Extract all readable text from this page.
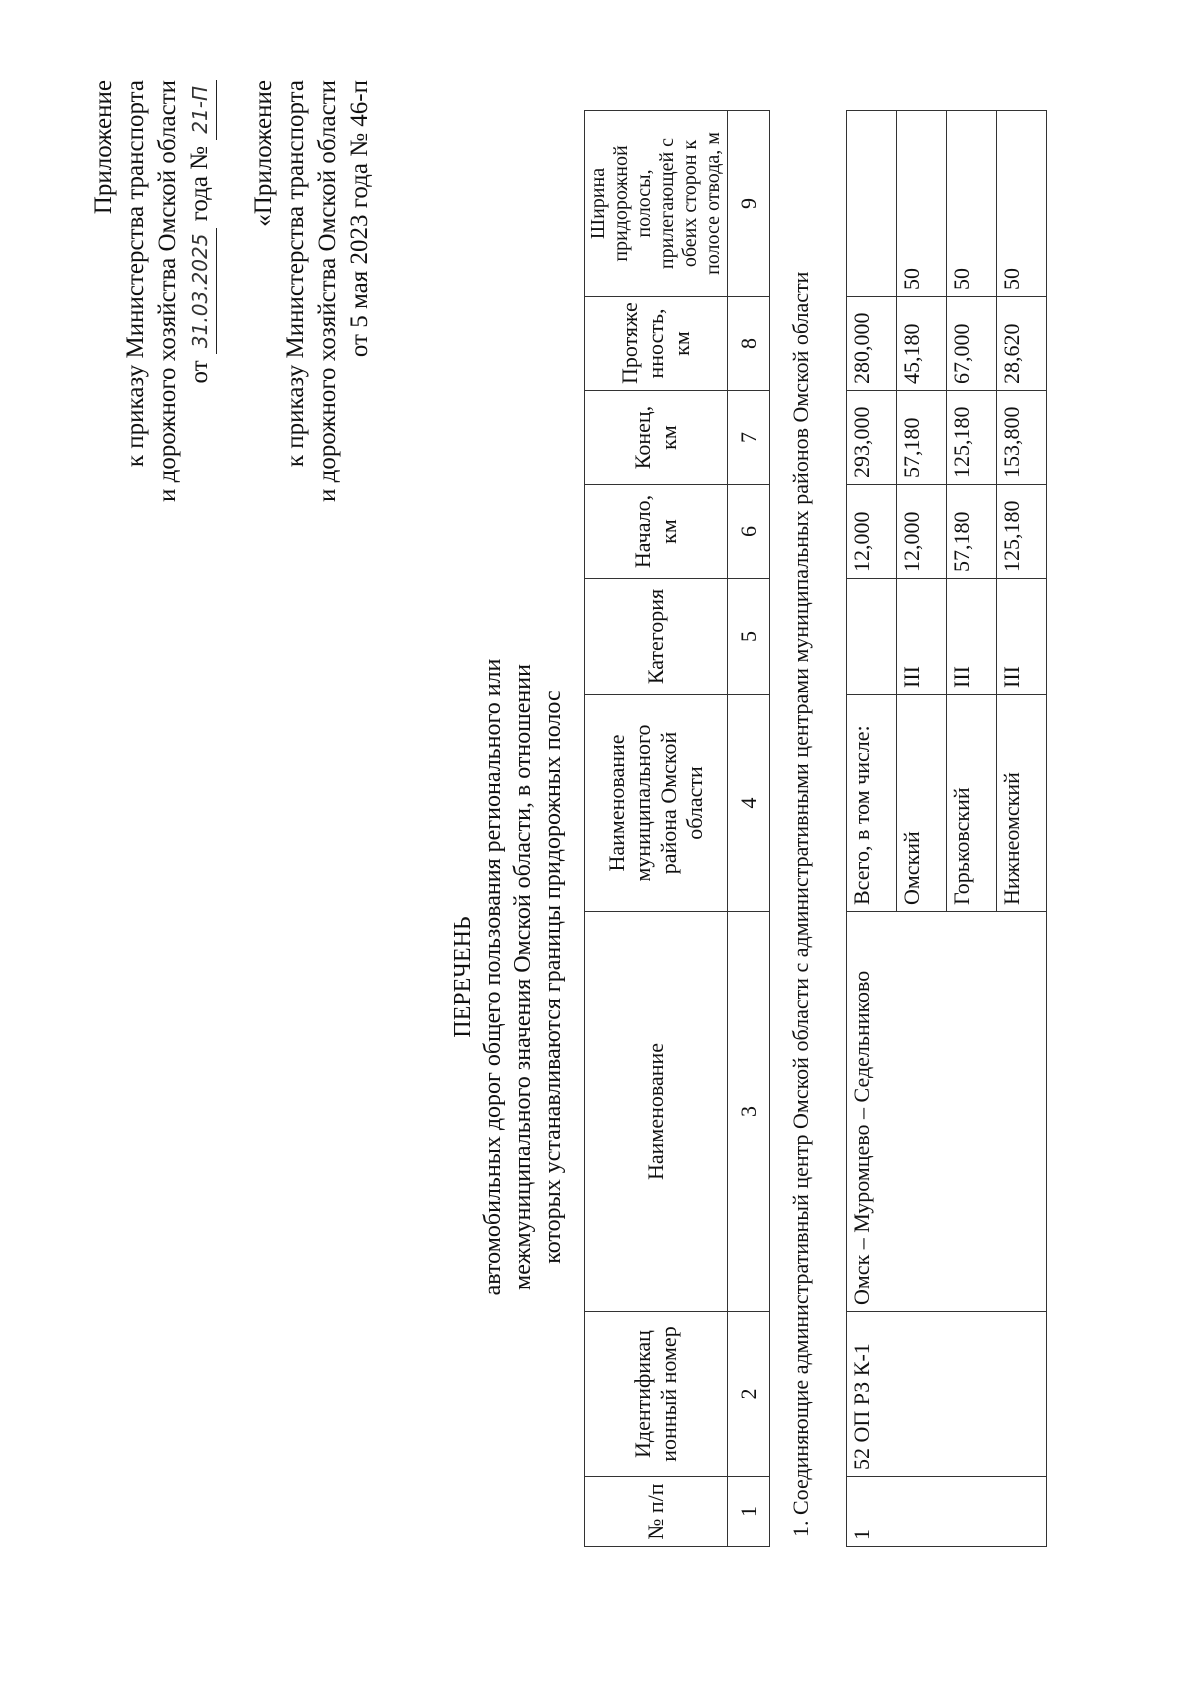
Приложение к приказу Министерства транспорта и дорожного хозяйства Омской области от 31.03.2025 года № 21-П «Приложение к приказу Министерства транспорта и дорожного хозяйства Омской области от 5 мая 2023 года № 46-п
ПЕРЕЧЕНЬ автомобильных дорог общего пользования регионального или межмуниципального значения Омской области, в отношении которых устанавливаются границы придорожных полос
№ п/п	Идентификац ионный номер	Наименование	Наименование муниципального района Омской области	Категория	Начало, км	Конец, км	Протяже нность, км	Ширина придорожной полосы, прилегающей с обеих сторон к полосе отвода, м
1	2	3	4	5	6	7	8	9
1. Соединяющие административный центр Омской области с административными центрами муниципальных районов Омской области	1	52 ОП РЗ К-1	Омск – Муромцево – Седельниково	Всего, в том числе:		12,000	293,000	280,000	
			Омский	III	12,000	57,180	45,180	50
			Горьковский	III	57,180	125,180	67,000	50
			Нижнеомский	III	125,180	153,800	28,620	50
